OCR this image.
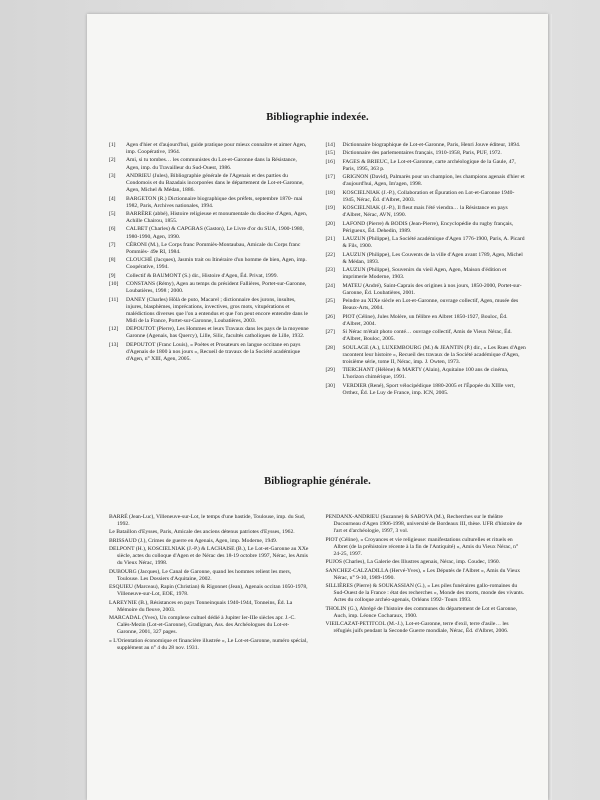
Bibliographie indexée.
[1]	Agen d'hier et d'aujourd'hui, guide pratique pour mieux connaître et aimer Agen, imp. Coopérative, 1964.
[2]	Ami, si tu tombes… les communistes du Lot-et-Garonne dans la Résistance, Agen, imp. du Travailleur du Sud-Ouest, 1986.
[3]	ANDRIEU (Jules), Bibliographie générale de l'Agenais et des parties du Condomois et du Bazadais incorporées dans le département de Lot-et-Garonne, Agen, Michel & Médan, 1886.
[4]	BARGETON (R.) Dictionnaire biographique des préfets, septembre 1870- mai 1982, Paris, Archives nationales, 1994.
[5]	BARRÈRE (abbé), Histoire religieuse et monumentale du diocèse d'Agen, Agen, Achille Chairou, 1855.
[6]	CALBET (Charles) & CAPGRAS (Gaston), Le Livre d'or du SUA, 1900-1980, 1980-1990, Agen, 1990.
[7]	CÉRONI (M.), Le Corps franc Pommiès-Montaubau, Amicale du Corps franc Pommiès- 49e RI, 1984.
[8]	CLOUCHÉ (Jacques), Jasmin trait ou Itinéraire d'un homme de bien, Agen, imp. Coopérative, 1994.
[9]	Collectif & BAUMONT (S.) dir., Histoire d'Agen, Éd. Privat, 1999.
[10]	CONSTANS (Rémy), Agen au temps du président Fallières, Portet-sur-Garonne, Loubatières, 1998 ; 2000.
[11]	DANEY (Charles) Hôlà de puto, Macarel ; dictionnaire des jurons, insultes, injures, blasphèmes, imprécations, invectives, gros mots, vitupérations et malédictions diverses que l'on a entendus et que l'on peut encore entendre dans le Midi de la France, Portet-sur-Garonne, Loubatières, 2003.
[12]	DEPOUTOT (Pierre), Les Hommes et leurs Travaux dans les pays de la moyenne Garonne (Agenais, bas Quercy), Lille, Silic, facultés catholiques de Lille, 1932.
[13]	DEPOUTOT (Franc Louis), « Poètes et Prosateurs en langue occitane en pays d'Agenais de 1800 à nos jours », Recueil de travaux de la Société académique d'Agen, n° XIII, Agen, 2005.
[14]	Dictionnaire biographique de Lot-et-Garonne, Paris, Henri Jouve éditeur, 1894.
[15]	Dictionnaire des parlementaires français, 1910-1958, Paris, PUF, 1972.
[16]	FAGES & BRIEUC, Le Lot-et-Garonne, carte archéologique de la Gaule, 47, Paris, 1995, 363 p.
[17]	GRIGNON (David), Palmarès pour un champion, les champions agenais d'hier et d'aujourd'hui, Agen, Im'agen, 1998.
[18]	KOSCIELNIAK (J.-P.), Collaboration et Épuration en Lot-et-Garonne 1940-1945, Nérac, Éd. d'Albret, 2003.
[19]	KOSCIELNIAK (J.-P.), Il fleut mais l'été viendra… la Résistance en pays d'Albret, Nérac, AVN, 1990.
[20]	LAFOND (Pierre) & BODIS (Jean-Pierre), Encyclopédie du rugby français, Périgueux, Éd. Dehedin, 1989.
[21]	LAUZUN (Philippe), La Société académique d'Agen 1776-1900, Paris, A. Picard & Fils, 1900.
[22]	LAUZUN (Philippe), Les Couvents de la ville d'Agen avant 1789, Agen, Michel & Médan, 1893.
[23]	LAUZUN (Philippe), Souvenirs du vieil Agen, Agen, Maison d'édition et imprimerie Moderne, 1903.
[24]	MATEU (André), Saint-Caprais des origines à nos jours, 1850-2000, Portet-sur-Garonne, Éd. Loubatières, 2001.
[25]	Peindre au XIXe siècle en Lot-et-Garonne, ouvrage collectif, Agen, musée des Beaux-Arts, 2004.
[26]	PIOT (Céline), Jules Molère, un félibre en Albret 1850-1927, Bouloc, Éd. d'Albret, 2004.
[27]	Si Nérac m'était photo conté… ouvrage collectif, Amis de Vieux Nérac, Éd. d'Albret, Bouloc, 2005.
[28]	SOULAGE (A.), LUXEMBOURG (M.) & JEANTIN (P.) dir., « Les Rues d'Agen racontent leur histoire », Recueil des travaux de la Société académique d'Agen, troisième série, tome II, Nérac, imp. J. Owten, 1973.
[29]	TIERCHANT (Hélène) & MARTY (Alain), Aquitaine 100 ans de cinéma, L'horizon chimérique, 1991.
[30]	VERDIER (René), Sport vélocipédique 1880-2005 et l'Épopée du XIIIe vert, Orthez, Éd. Le Luy de France, imp. ICN, 2005.
Bibliographie générale.
BARRÉ (Jean-Luc), Villeneuve-sur-Lot, le temps d'une bastide, Toulouse, imp. du Sud, 1992.
Le Bataillon d'Eysses, Paris, Amicale des anciens détenus patriotes d'Eysses, 1962.
BRISSAUD (J.), Crimes de guerre en Agenais, Agen, imp. Moderne, 1949.
DELPONT (H.), KOSCIELNIAK (J.-P.) & LACHAISE (B.), Le Lot-et-Garonne au XXe siècle, actes du colloque d'Agen et de Nérac des 18-19 octobre 1997, Nérac, les Amis du Vieux Nérac, 1998.
DUBOURG (Jacques), Le Canal de Garonne, quand les hommes relient les mers, Toulouse. Les Dossiers d'Aquitaine, 2002.
ESQUIEU (Marceau), Rapin (Christian) & Rigonnet (Jean), Agenais occitan 1050-1978, Villeneuve-sur-Lot, EOE, 1978.
LAREYNIE (B.), Résistances en pays Tonneinquais 1940-1944, Tonneins, Éd. La Mémoire du fleuve, 2003.
MARCADAL (Yves), Un complexe cultuel dédié à Jupiter Ier-IIIe siècles apr. J.-C. Calès-Mezin (Lot-et-Garonne), Gradignan, Ass. des Archéologues du Lot-et-Garonne, 2001, 327 pages.
« L'Orientation économique et financière illustrée », Le Lot-et-Garonne, numéro spécial, supplément au n° 4 du 28 nov. 1931.
PENDANX-ANDRIEU (Suzanne) & SABOYA (M.), Recherches sur le théâtre Ducourneau d'Agen 1906-1998, université de Bordeaux III, thèse. UFR d'histoire de l'art et d'archéologie, 1997, 3 vol.
PIOT (Céline), « Croyances et vie religieuse: manifestations culturelles et rituels en Albret (de la préhistoire récente à la fin de l'Antiquité) », Amis du Vieux Nérac, n° 24-25, 1997.
PUJOS (Charles), La Galerie des Illustres agenais, Nérac, imp. Coudec, 1960.
SANCHEZ-CALZADILLA (Hervé-Yves), « Les Députés de l'Albret », Amis du Vieux Nérac, n° 9-10, 1989-1990.
SILLIÈRES (Pierre) & SOUKASSIAN (G.), « Les piles funéraires gallo-romaines du Sud-Ouest de la France : état des recherches », Monde des morts, monde des vivants. Actes du colloque archéo-agenais, Orléans 1992- Tours 1993.
THOLIN (G.), Abrégé de l'histoire des communes du département de Lot et Garonne, Auch, imp. Léonce Cocharaux, 1900.
VIEILCAZAT-PETITCOL (M.-J.), Lot-et-Garonne, terre d'exil, terre d'asile… les réfugiés juifs pendant la Seconde Guerre mondiale, Nérac, Éd. d'Albret, 2006.
